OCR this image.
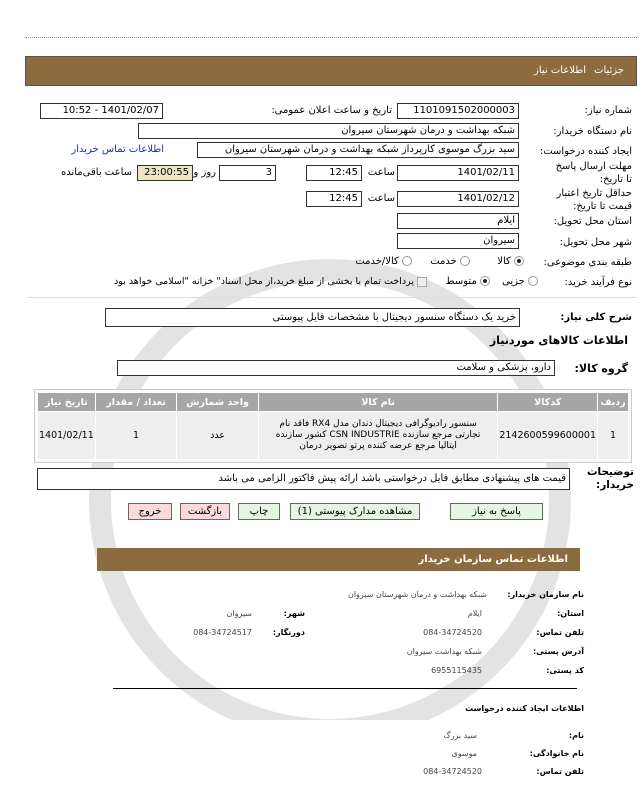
جزئیات
اطلاعات نیاز
شماره نیاز:
1101091502000003
تاریخ و ساعت اعلان عمومی:
1401/02/07 - 10:52
نام دستگاه خریدار:
شبکه بهداشت و درمان شهرستان سیروان
ایجاد کننده درخواست:
سید بزرگ موسوی کارپرداز شبکه بهداشت و درمان شهرستان سیروان
اطلاعات تماس خریدار
مهلت ارسال پاسخ تا تاریخ:
1401/02/11
ساعت
12:45
3
روز و
23:00:55
ساعت باقی‌مانده
حداقل تاریخ اعتبار قیمت تا تاریخ:
1401/02/12
ساعت
12:45
استان محل تحویل:
ایلام
شهر محل تحویل:
سیروان
طبقه بندی موضوعی:
کالا
خدمت
کالا/خدمت
نوع فرآیند خرید:
جزیی
متوسط
پرداخت تمام یا بخشی از مبلغ خرید،از محل اسناد" خزانه "اسلامی خواهد بود
شرح کلی نیاز:
خرید یک دستگاه سنسور دیجیتال با مشخصات فایل پیوستی
اطلاعات کالاهای موردنیاز
گروه کالا:
دارو، پزشکی و سلامت
ردیف	کدکالا	نام کالا	واحد شمارش	تعداد / مقدار	تاریخ نیاز
1	2142600599600001	سنسور رادیوگرافی دیجیتال دندان مدل RX4 فاقد نام تجارتی مرجع سازنده CSN INDUSTRIE کشور سازنده ایتالیا مرجع عرضه کننده پرتو تصویر درمان	عدد	1	1401/02/11
توضیحات خریدار:
قیمت های پیشنهادی مطابق فایل درخواستی باشد ارائه پیش فاکتور الزامی می باشد
پاسخ به نیاز
مشاهده مدارک پیوستی (1)
چاپ
بازگشت
خروج
اطلاعات تماس سازمان خریدار
نام سازمان خریدار:
شبکه بهداشت و درمان شهرستان سیروان
استان:
ایلام
شهر:
سیروان
تلفن تماس:
084-34724520
دورنگار:
084-34724517
آدرس پستی:
شبکه بهداشت سیروان
کد پستی:
6955115435
اطلاعات ایجاد کننده درخواست
نام:
سید بزرگ
نام خانوادگی:
موسوی
تلفن تماس:
084-34724520
